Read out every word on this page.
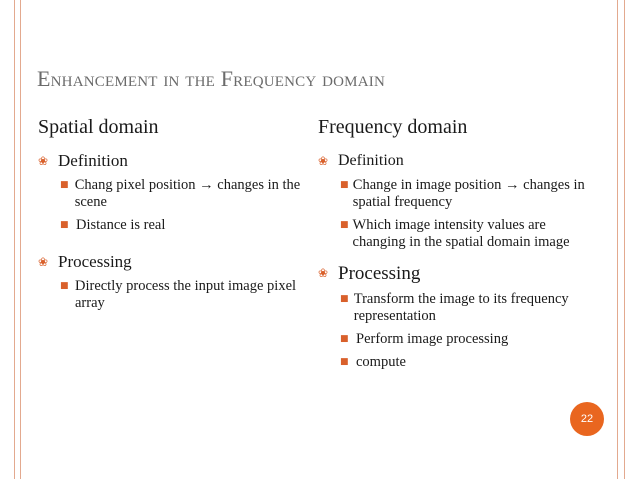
Enhancement in the Frequency domain
Spatial domain
❀ Definition
■ Chang pixel position → changes in the scene
■ Distance is real
❀ Processing
■ Directly process the input image pixel array
Frequency domain
❀ Definition
■ Change in image position → changes in spatial frequency
■ Which image intensity values are changing in the spatial domain image
❀ Processing
■ Transform the image to its frequency representation
■ Perform image processing
■ compute
22
